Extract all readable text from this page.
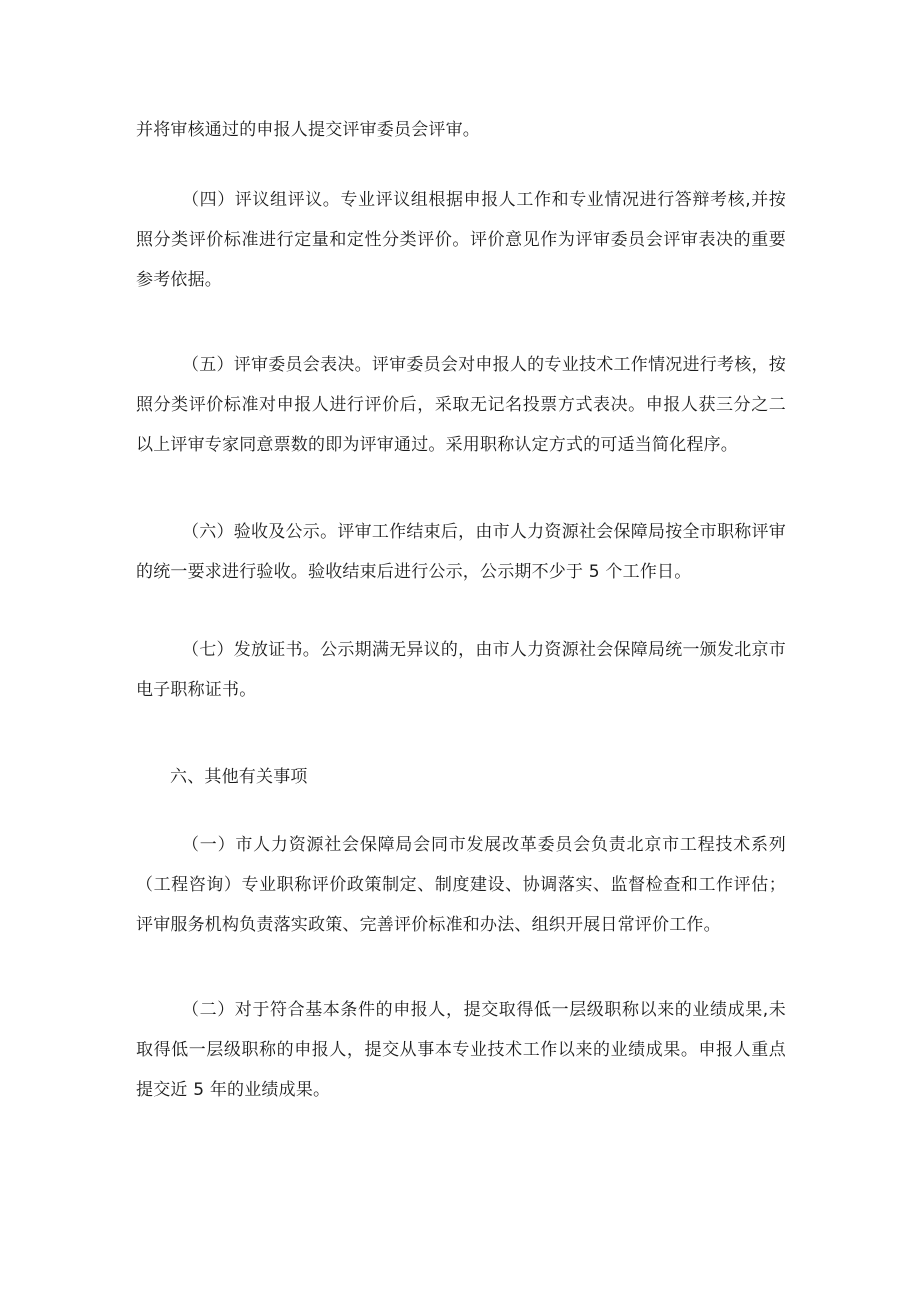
并将审核通过的申报人提交评审委员会评审。

（四）评议组评议。专业评议组根据申报人工作和专业情况进行答辩考核,并按照分类评价标准进行定量和定性分类评价。评价意见作为评审委员会评审表决的重要参考依据。

（五）评审委员会表决。评审委员会对申报人的专业技术工作情况进行考核，按照分类评价标准对申报人进行评价后，采取无记名投票方式表决。申报人获三分之二以上评审专家同意票数的即为评审通过。采用职称认定方式的可适当简化程序。

（六）验收及公示。评审工作结束后，由市人力资源社会保障局按全市职称评审的统一要求进行验收。验收结束后进行公示，公示期不少于 5 个工作日。

（七）发放证书。公示期满无异议的，由市人力资源社会保障局统一颁发北京市电子职称证书。

六、其他有关事项

（一）市人力资源社会保障局会同市发展改革委员会负责北京市工程技术系列（工程咨询）专业职称评价政策制定、制度建设、协调落实、监督检查和工作评估；评审服务机构负责落实政策、完善评价标准和办法、组织开展日常评价工作。

（二）对于符合基本条件的申报人，提交取得低一层级职称以来的业绩成果,未取得低一层级职称的申报人，提交从事本专业技术工作以来的业绩成果。申报人重点提交近 5 年的业绩成果。
